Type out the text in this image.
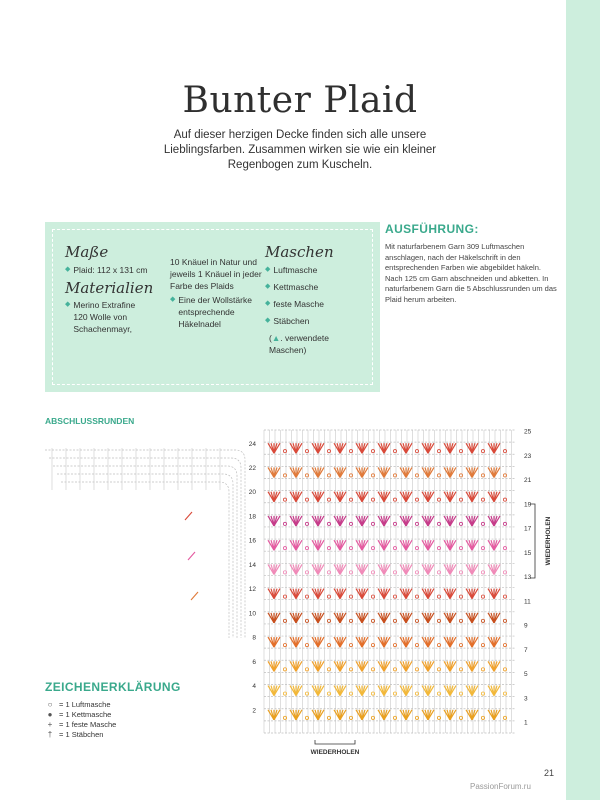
Bunter Plaid
Auf dieser herzigen Decke finden sich alle unsere Lieblingsfarben. Zusammen wirken sie wie ein kleiner Regenbogen zum Kuscheln.
Maße
◆ Plaid: 112 x 131 cm
Materialien
◆ Merino Extrafine 120 Wolle von Schachenmayr,
10 Knäuel in Natur und jeweils 1 Knäuel in jeder Farbe des Plaids
◆ Eine der Wollstärke entsprechende Häkelnadel
Maschen
◆ Luftmasche
◆ Kettmasche
◆ feste Masche
◆ Stäbchen
(▲. verwendete Maschen)
AUSFÜHRUNG:
Mit naturfarbenem Garn 309 Luftmaschen anschlagen, nach der Häkelschrift in den entsprechenden Farben wie abgebildet häkeln. Nach 125 cm Garn abschneiden und abketten. In naturfarbenem Garn die 5 Abschlussrunden um das Plaid herum arbeiten.
ABSCHLUSSRUNDEN
24
22
20
18
16
14
12
10
8
6
4
2
25
23
21
19
17
15
13
11
9
7
5
3
1
WIEDERHOLEN
WIEDERHOLEN
ZEICHENERKLÄRUNG
○ = 1 Luftmasche
● = 1 Kettmasche
+ = 1 feste Masche
† = 1 Stäbchen
21
PassionForum.ru
